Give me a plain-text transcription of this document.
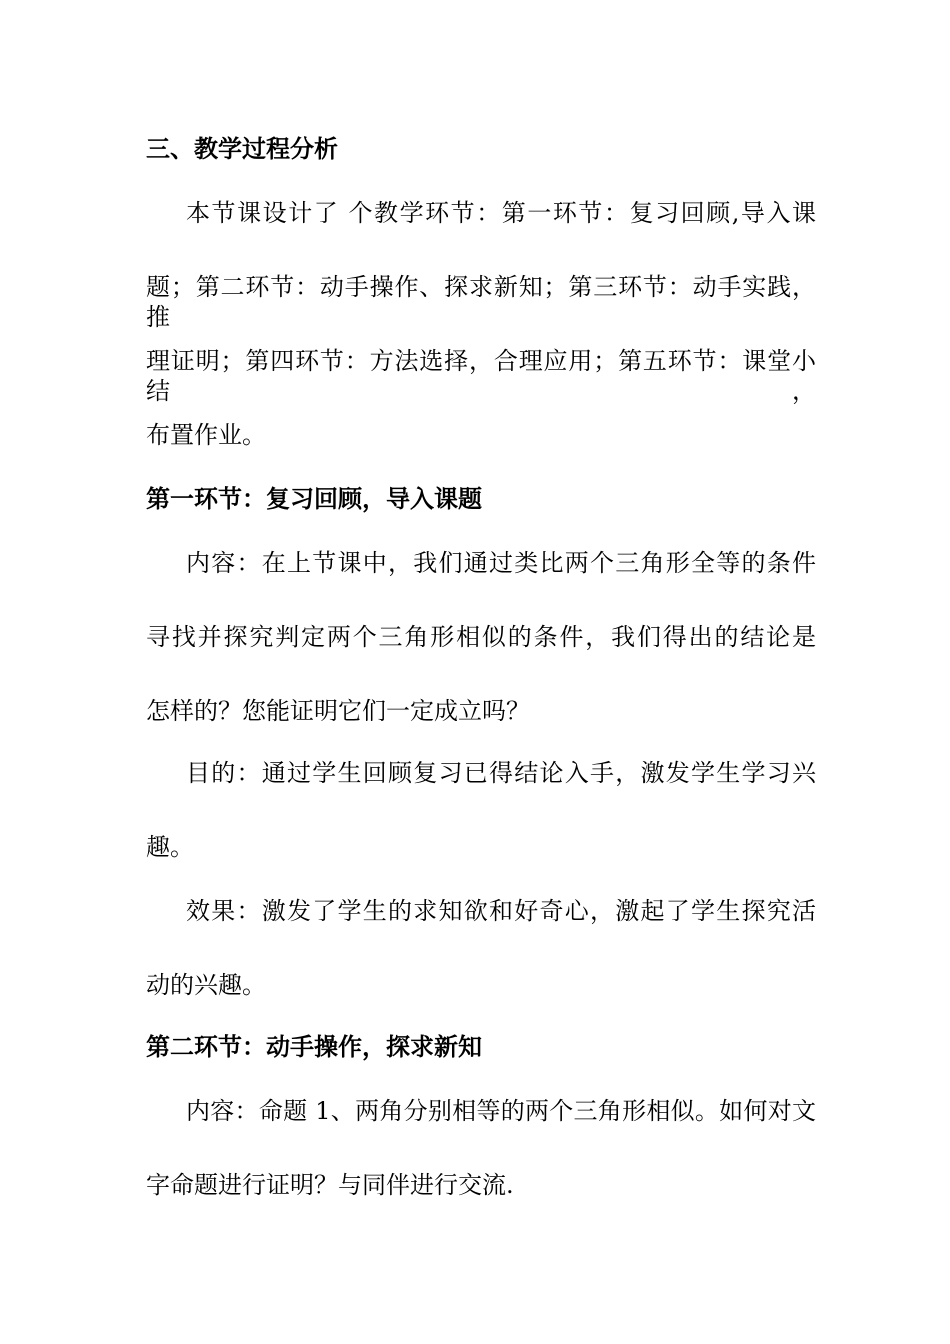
三、教学过程分析
本节课设计了 个教学环节：第一环节：复习回顾,导入课
题；第二环节：动手操作、探求新知；第三环节：动手实践，推
理证明；第四环节：方法选择，合理应用；第五环节：课堂小结，
布置作业。
第一环节：复习回顾，导入课题
内容：在上节课中，我们通过类比两个三角形全等的条件
寻找并探究判定两个三角形相似的条件，我们得出的结论是
怎样的？您能证明它们一定成立吗？
目的：通过学生回顾复习已得结论入手，激发学生学习兴
趣。
效果：激发了学生的求知欲和好奇心，激起了学生探究活
动的兴趣。
第二环节：动手操作，探求新知
内容：命题 1、两角分别相等的两个三角形相似。如何对文
字命题进行证明？与同伴进行交流.
